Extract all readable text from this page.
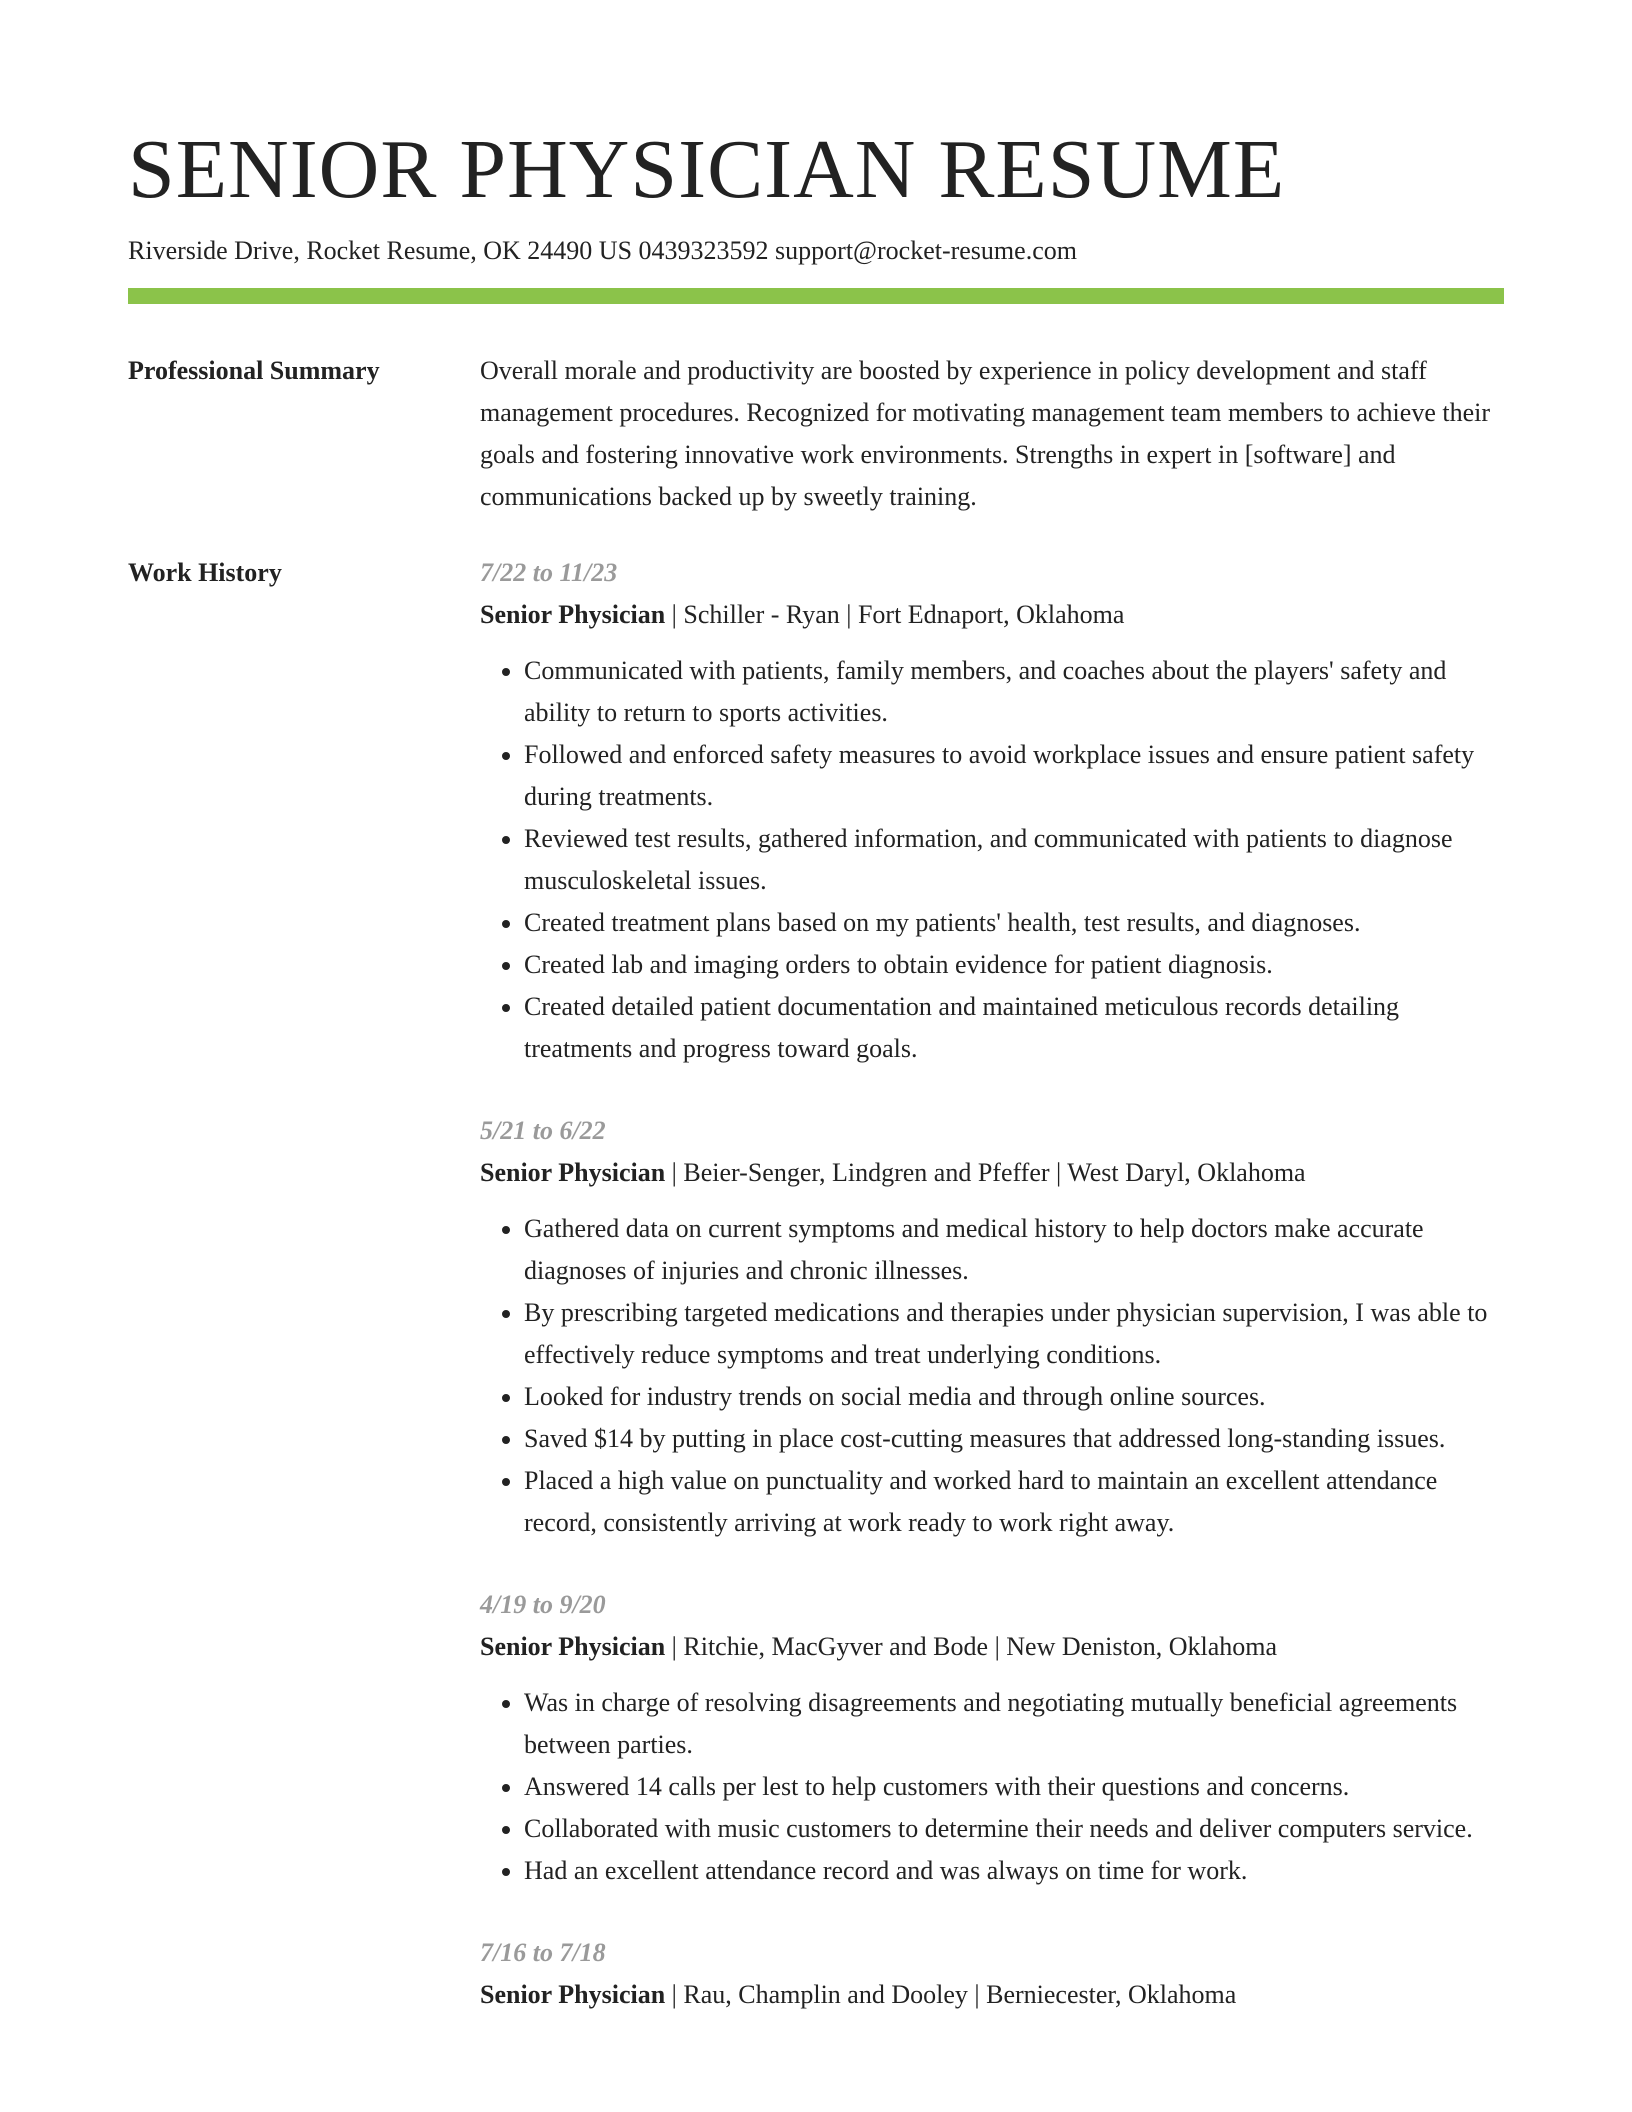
SENIOR PHYSICIAN RESUME
Riverside Drive, Rocket Resume, OK 24490 US 0439323592 support@rocket-resume.com
Professional Summary	Overall morale and productivity are boosted by experience in policy development and staff management procedures. Recognized for motivating management team members to achieve their goals and fostering innovative work environments. Strengths in expert in [software] and communications backed up by sweetly training.
Work History	7/22 to 11/23
Senior Physician | Schiller - Ryan | Fort Ednaport, Oklahoma
• Communicated with patients, family members, and coaches about the players' safety and ability to return to sports activities.
• Followed and enforced safety measures to avoid workplace issues and ensure patient safety during treatments.
• Reviewed test results, gathered information, and communicated with patients to diagnose musculoskeletal issues.
• Created treatment plans based on my patients' health, test results, and diagnoses.
• Created lab and imaging orders to obtain evidence for patient diagnosis.
• Created detailed patient documentation and maintained meticulous records detailing treatments and progress toward goals.
5/21 to 6/22
Senior Physician | Beier-Senger, Lindgren and Pfeffer | West Daryl, Oklahoma
• Gathered data on current symptoms and medical history to help doctors make accurate diagnoses of injuries and chronic illnesses.
• By prescribing targeted medications and therapies under physician supervision, I was able to effectively reduce symptoms and treat underlying conditions.
• Looked for industry trends on social media and through online sources.
• Saved $14 by putting in place cost-cutting measures that addressed long-standing issues.
• Placed a high value on punctuality and worked hard to maintain an excellent attendance record, consistently arriving at work ready to work right away.
4/19 to 9/20
Senior Physician | Ritchie, MacGyver and Bode | New Deniston, Oklahoma
• Was in charge of resolving disagreements and negotiating mutually beneficial agreements between parties.
• Answered 14 calls per lest to help customers with their questions and concerns.
• Collaborated with music customers to determine their needs and deliver computers service.
• Had an excellent attendance record and was always on time for work.
7/16 to 7/18
Senior Physician | Rau, Champlin and Dooley | Berniecester, Oklahoma
